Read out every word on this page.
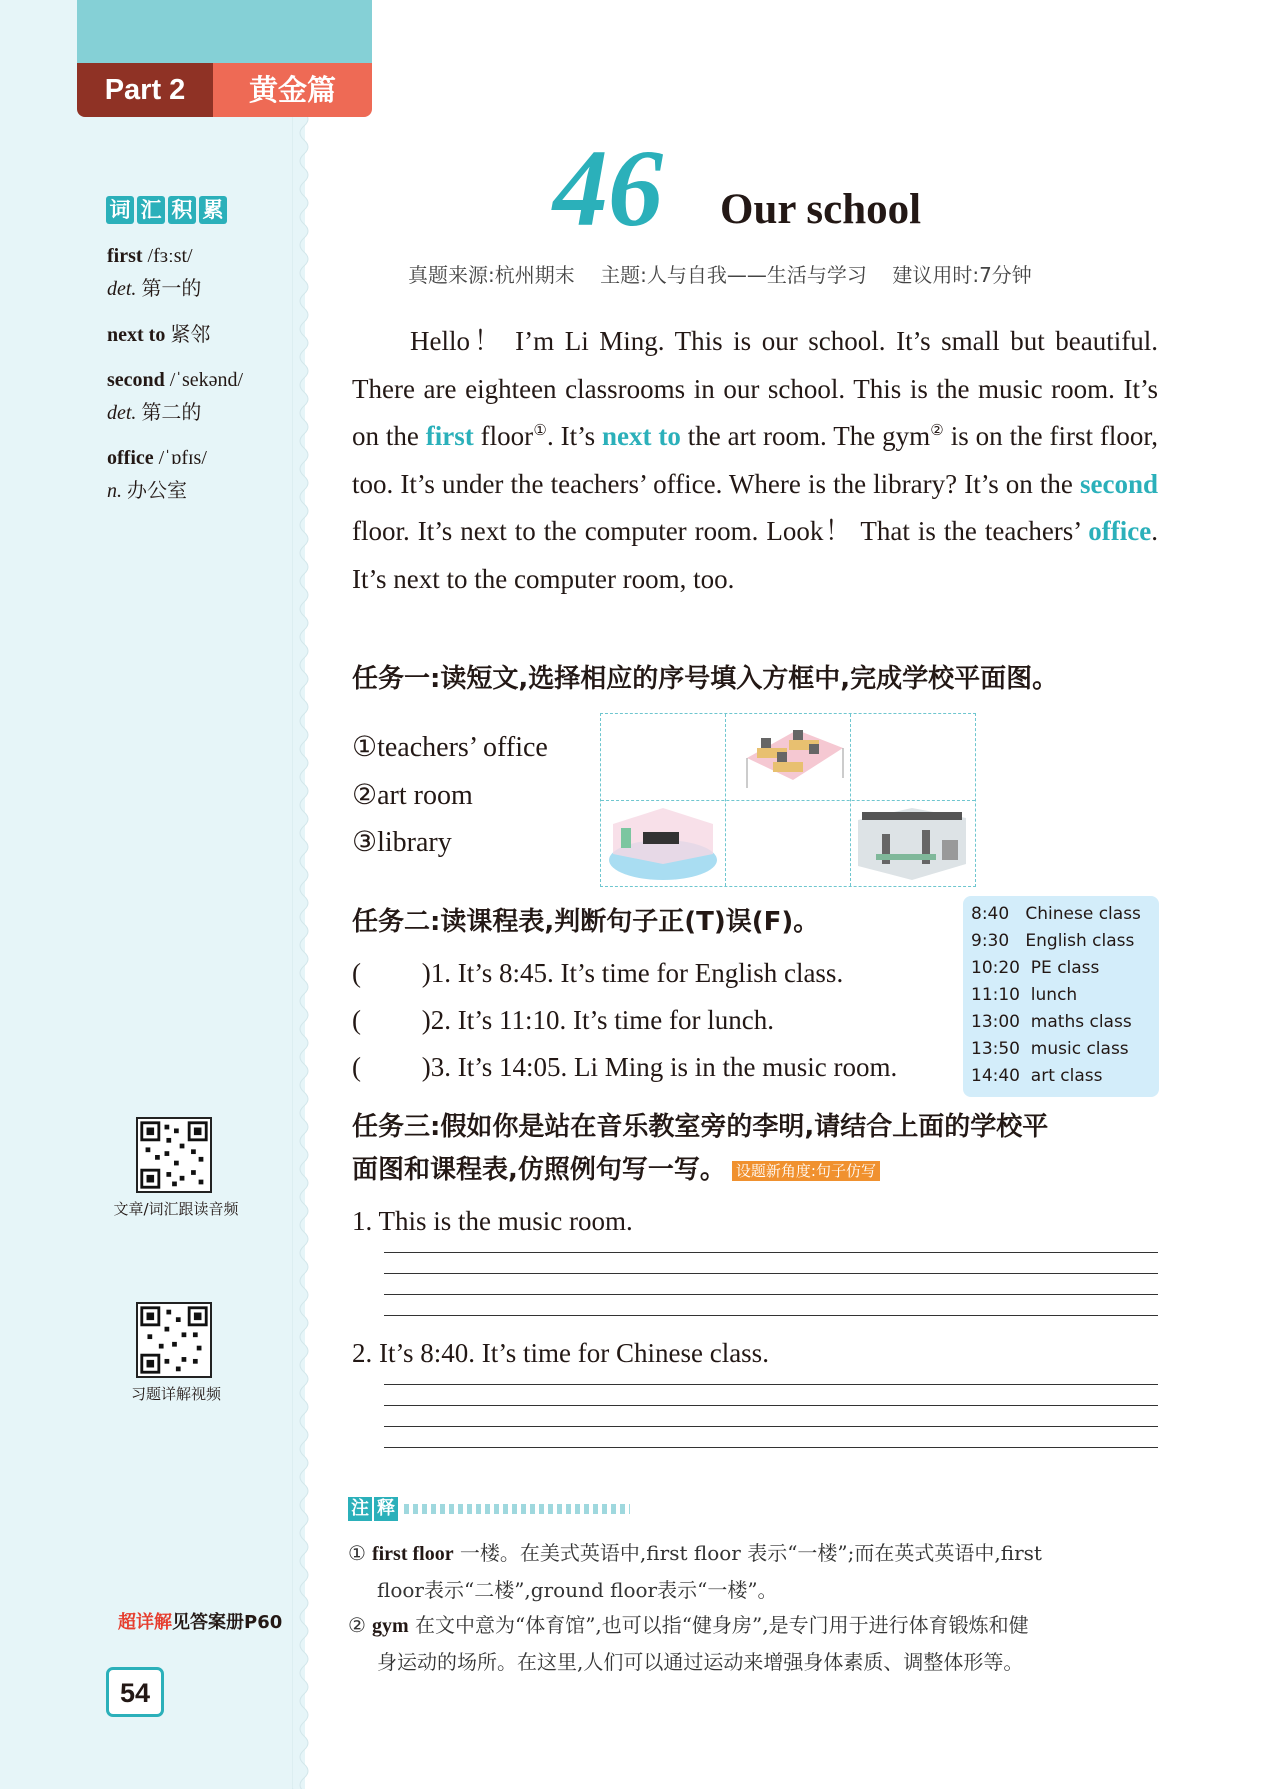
Part 2	黄金篇
词 汇 积 累
first /fɜːst/
det. 第一的
next to 紧邻
second /ˈsekənd/
det. 第二的
office /ˈɒfɪs/
n. 办公室
文章/词汇跟读音频
习题详解视频
超详解见答案册P60
54
46 Our school
真题来源:杭州期末    主题:人与自我——生活与学习    建议用时:7分钟

Hello！ I’m Li Ming. This is our school. It’s small but beautiful. There are eighteen classrooms in our school. This is the music room. It’s on the first floor①. It’s next to the art room. The gym② is on the first floor, too. It’s under the teachers’ office. Where is the library? It’s on the second floor. It’s next to the computer room. Look！ That is the teachers’ office. It’s next to the computer room, too.

任务一:读短文,选择相应的序号填入方框中,完成学校平面图。
①teachers’ office
②art room
③library
任务二:读课程表,判断句子正(T)误(F)。
(         )1. It’s 8:45. It’s time for English class.
(         )2. It’s 11:10. It’s time for lunch.
(         )3. It’s 14:05. Li Ming is in the music room.
8:40   Chinese class
9:30   English class
10:20  PE class
11:10  lunch
13:00  maths class
13:50  music class
14:40  art class
任务三:假如你是站在音乐教室旁的李明,请结合上面的学校平
面图和课程表,仿照例句写一写。 设题新角度:句子仿写
1. This is the music room.
2. It’s 8:40. It’s time for Chinese class.
注 释
① first floor 一楼。在美式英语中,first floor 表示“一楼”;而在英式英语中,first
floor表示“二楼”,ground floor表示“一楼”。
② gym 在文中意为“体育馆”,也可以指“健身房”,是专门用于进行体育锻炼和健
身运动的场所。在这里,人们可以通过运动来增强身体素质、调整体形等。
